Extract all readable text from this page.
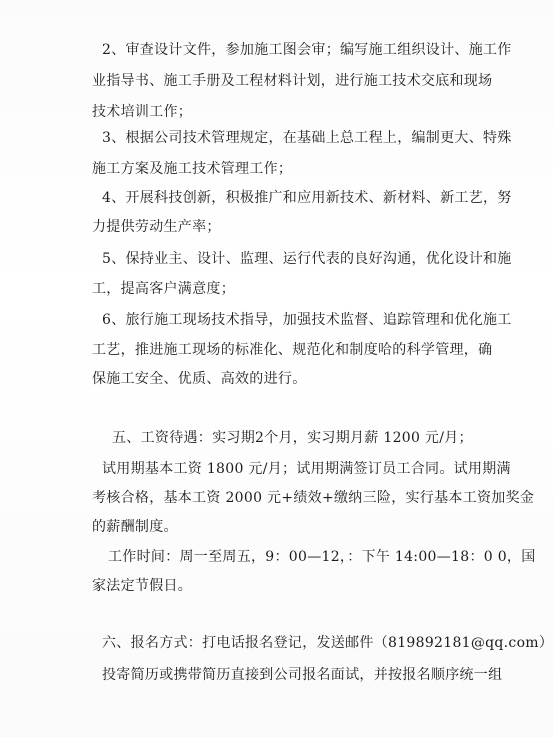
2、审查设计文件，参加施工图会审；编写施工组织设计、施工作
业指导书、施工手册及工程材料计划，进行施工技术交底和现场
技术培训工作；
3、根据公司技术管理规定，在基础上总工程上，编制更大、特殊
施工方案及施工技术管理工作；
4、开展科技创新，积极推广和应用新技术、新材料、新工艺，努
力提供劳动生产率；
5、保持业主、设计、监理、运行代表的良好沟通，优化设计和施
工，提高客户满意度；
6、旅行施工现场技术指导，加强技术监督、追踪管理和优化施工
工艺，推进施工现场的标准化、规范化和制度哈的科学管理，确
保施工安全、优质、高效的进行。
五、工资待遇：实习期2个月，实习期月薪 1200 元/月；
试用期基本工资 1800 元/月；试用期满签订员工合同。试用期满
考核合格，基本工资 2000 元+绩效+缴纳三险，实行基本工资加奖金
的薪酬制度。
工作时间：周一至周五，9：00—12，：下午 14:00—18：0 0，国
家法定节假日。
六、报名方式：打电话报名登记，发送邮件（819892181@qq.com）
投寄简历或携带简历直接到公司报名面试，并按报名顺序统一组
